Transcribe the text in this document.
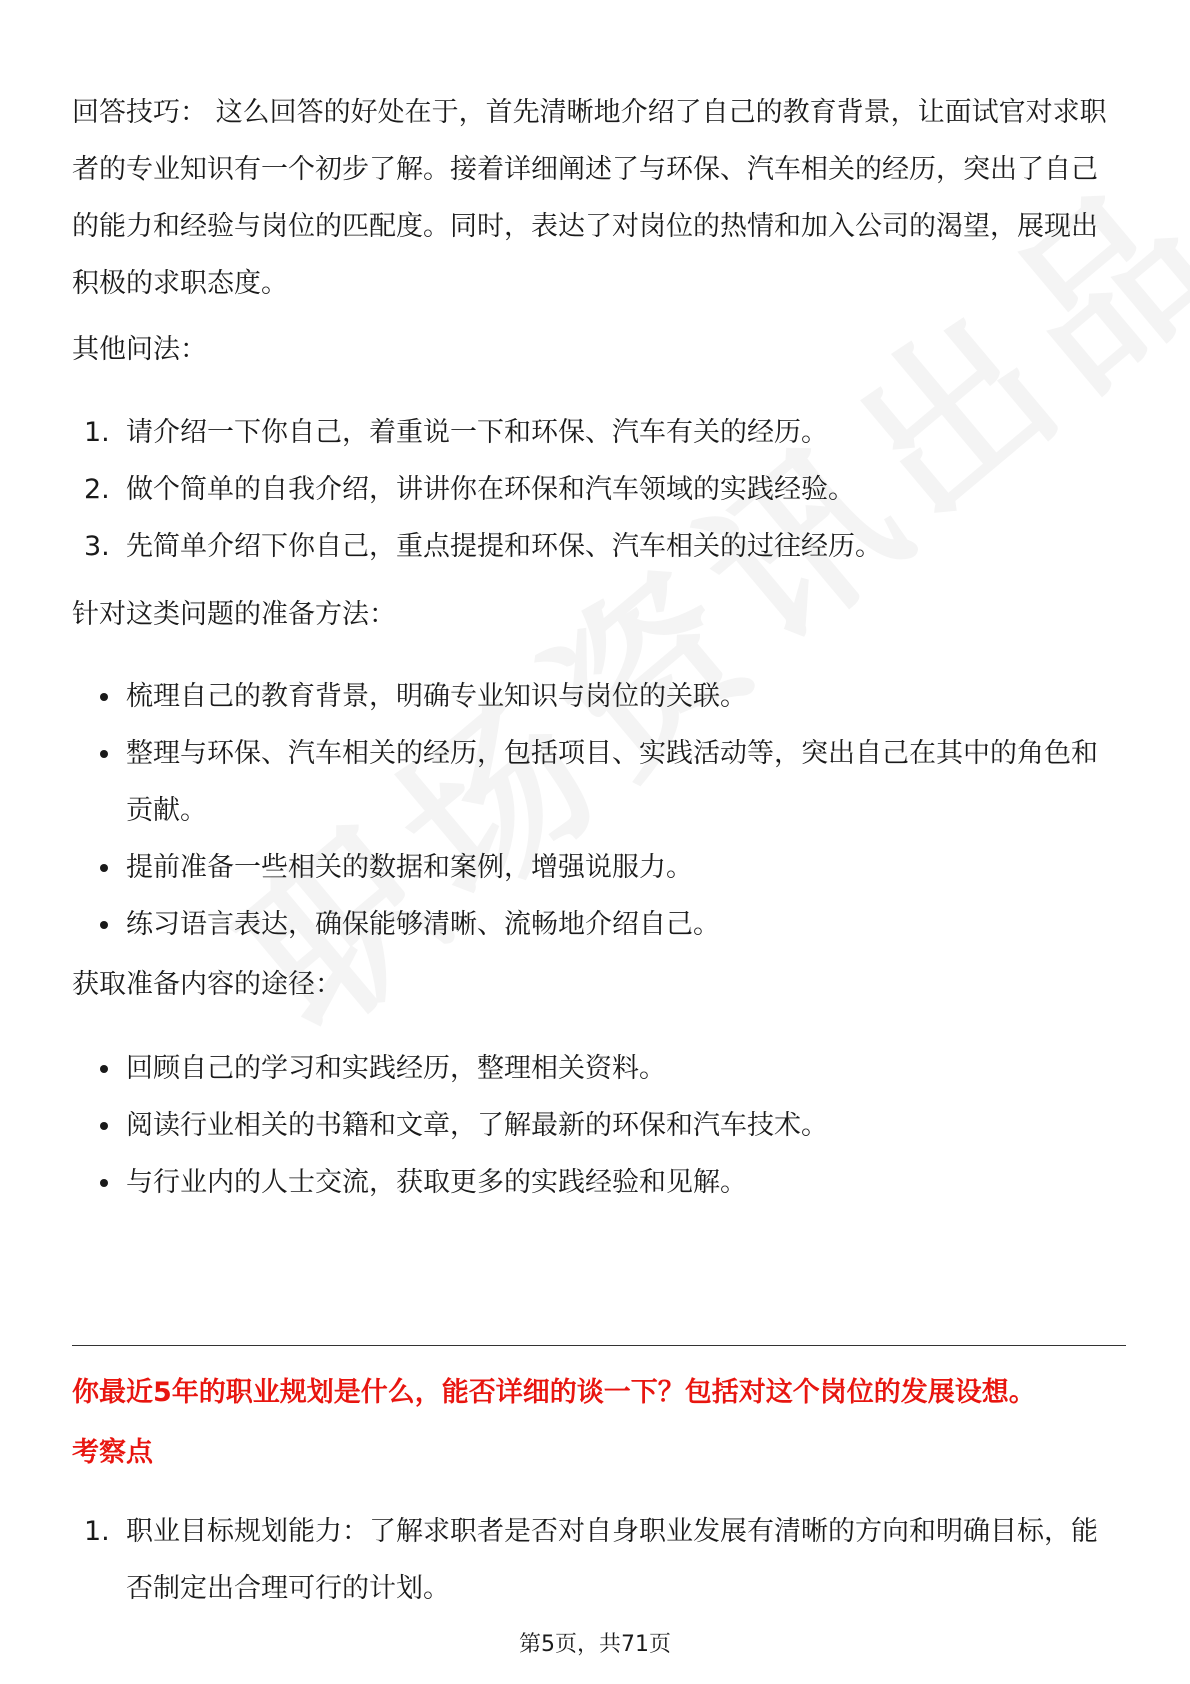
回答技巧： 这么回答的好处在于，首先清晰地介绍了自己的教育背景，让面试官对求职者的专业知识有一个初步了解。接着详细阐述了与环保、汽车相关的经历，突出了自己的能力和经验与岗位的匹配度。同时，表达了对岗位的热情和加入公司的渴望，展现出积极的求职态度。

其他问法：

1. 请介绍一下你自己，着重说一下和环保、汽车有关的经历。
2. 做个简单的自我介绍，讲讲你在环保和汽车领域的实践经验。
3. 先简单介绍下你自己，重点提提和环保、汽车相关的过往经历。

针对这类问题的准备方法：

梳理自己的教育背景，明确专业知识与岗位的关联。
整理与环保、汽车相关的经历，包括项目、实践活动等，突出自己在其中的角色和贡献。
提前准备一些相关的数据和案例，增强说服力。
练习语言表达，确保能够清晰、流畅地介绍自己。

获取准备内容的途径：

回顾自己的学习和实践经历，整理相关资料。
阅读行业相关的书籍和文章，了解最新的环保和汽车技术。
与行业内的人士交流，获取更多的实践经验和见解。

你最近5年的职业规划是什么，能否详细的谈一下？包括对这个岗位的发展设想。

考察点

1. 职业目标规划能力：了解求职者是否对自身职业发展有清晰的方向和明确目标，能否制定出合理可行的计划。
第5页，共71页
